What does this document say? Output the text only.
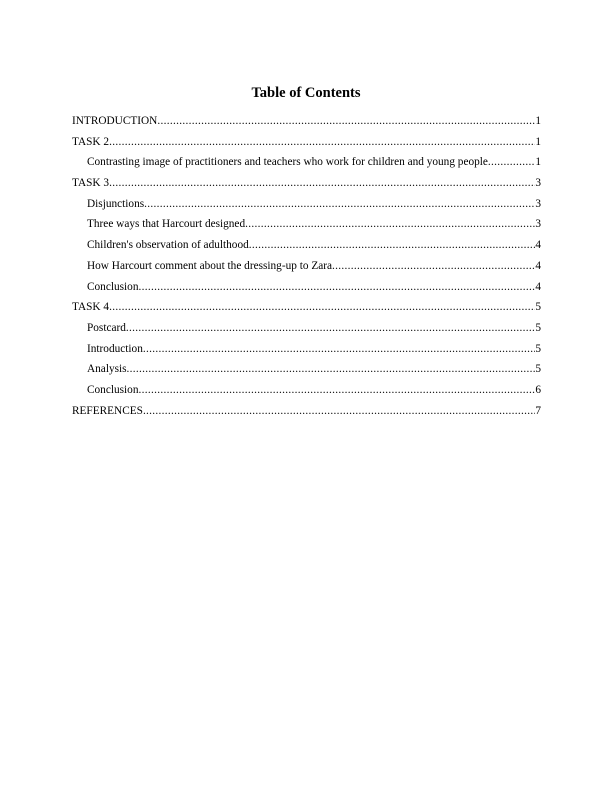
Table of Contents
INTRODUCTION .....	1
TASK 2 .....	1
Contrasting image of practitioners and teachers who work for children and young people .....	1
TASK 3 .....	3
Disjunctions .....	3
Three ways that Harcourt designed .....	3
Children's observation of adulthood .....	4
How Harcourt comment about the dressing-up to Zara .....	4
Conclusion .....	4
TASK 4 .....	5
Postcard .....	5
Introduction .....	5
Analysis .....	5
Conclusion .....	6
REFERENCES .....	7
